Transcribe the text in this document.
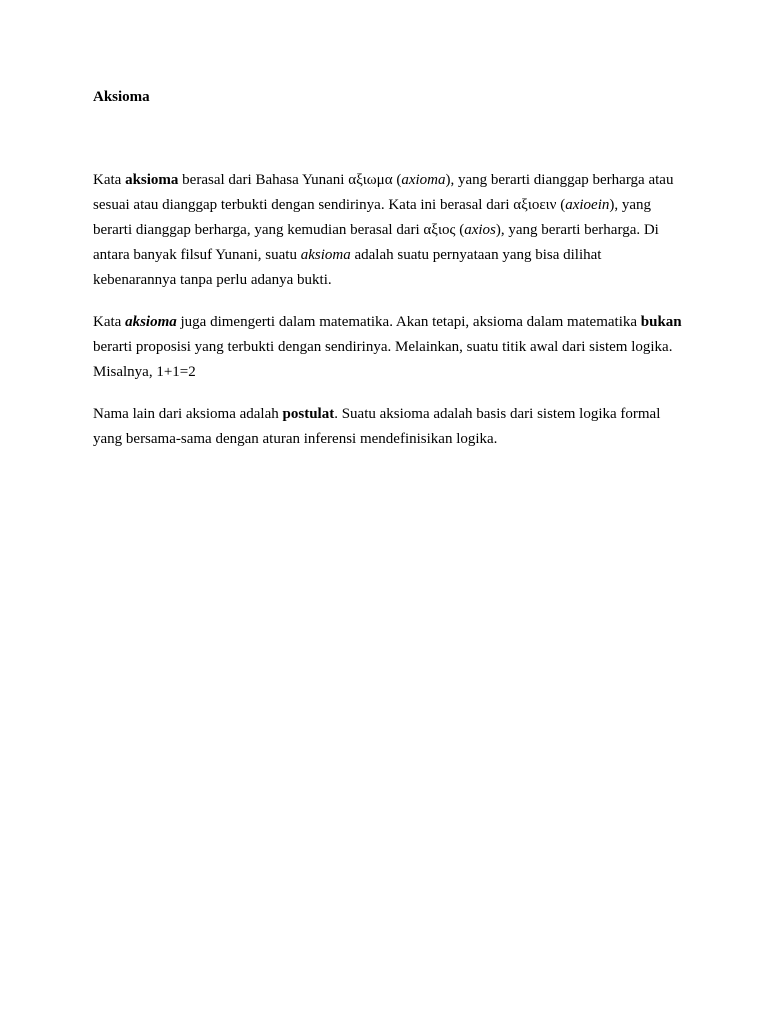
Aksioma

Kata aksioma berasal dari Bahasa Yunani αξιωμα (axioma), yang berarti dianggap berharga atau sesuai atau dianggap terbukti dengan sendirinya. Kata ini berasal dari αξιοειν (axioein), yang berarti dianggap berharga, yang kemudian berasal dari αξιος (axios), yang berarti berharga. Di antara banyak filsuf Yunani, suatu aksioma adalah suatu pernyataan yang bisa dilihat kebenarannya tanpa perlu adanya bukti.

Kata aksioma juga dimengerti dalam matematika. Akan tetapi, aksioma dalam matematika bukan berarti proposisi yang terbukti dengan sendirinya. Melainkan, suatu titik awal dari sistem logika. Misalnya, 1+1=2

Nama lain dari aksioma adalah postulat. Suatu aksioma adalah basis dari sistem logika formal yang bersama-sama dengan aturan inferensi mendefinisikan logika.
